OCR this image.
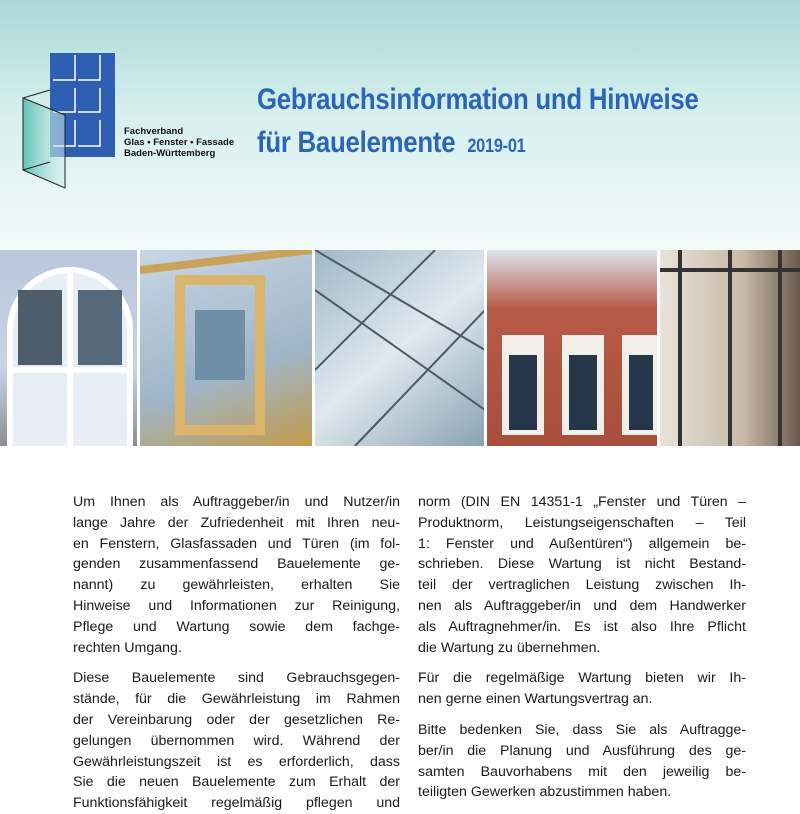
Fachverband
Glas • Fenster • Fassade
Baden-Württemberg
Gebrauchsinformation und Hinweise
für Bauelemente 2019-01
Um Ihnen als Auftraggeber/in und Nutzer/in
lange Jahre der Zufriedenheit mit Ihren neu-
en Fenstern, Glasfassaden und Türen (im fol-
genden zusammenfassend Bauelemente ge-
nannt) zu gewährleisten, erhalten Sie
Hinweise und Informationen zur Reinigung,
Pflege und Wartung sowie dem fachge-
rechten Umgang.
Diese Bauelemente sind Gebrauchsgegen-
stände, für die Gewährleistung im Rahmen
der Vereinbarung oder der gesetzlichen Re-
gelungen übernommen wird. Während der
Gewährleistungszeit ist es erforderlich, dass
Sie die neuen Bauelemente zum Erhalt der
Funktionsfähigkeit regelmäßig pflegen und
norm (DIN EN 14351-1 „Fenster und Türen –
Produktnorm, Leistungseigenschaften – Teil
1: Fenster und Außentüren“) allgemein be-
schrieben. Diese Wartung ist nicht Bestand-
teil der vertraglichen Leistung zwischen Ih-
nen als Auftraggeber/in und dem Handwerker
als Auftragnehmer/in. Es ist also Ihre Pflicht
die Wartung zu übernehmen.
Für die regelmäßige Wartung bieten wir Ih-
nen gerne einen Wartungsvertrag an.
Bitte bedenken Sie, dass Sie als Auftragge-
ber/in die Planung und Ausführung des ge-
samten Bauvorhabens mit den jeweilig be-
teiligten Gewerken abzustimmen haben.
